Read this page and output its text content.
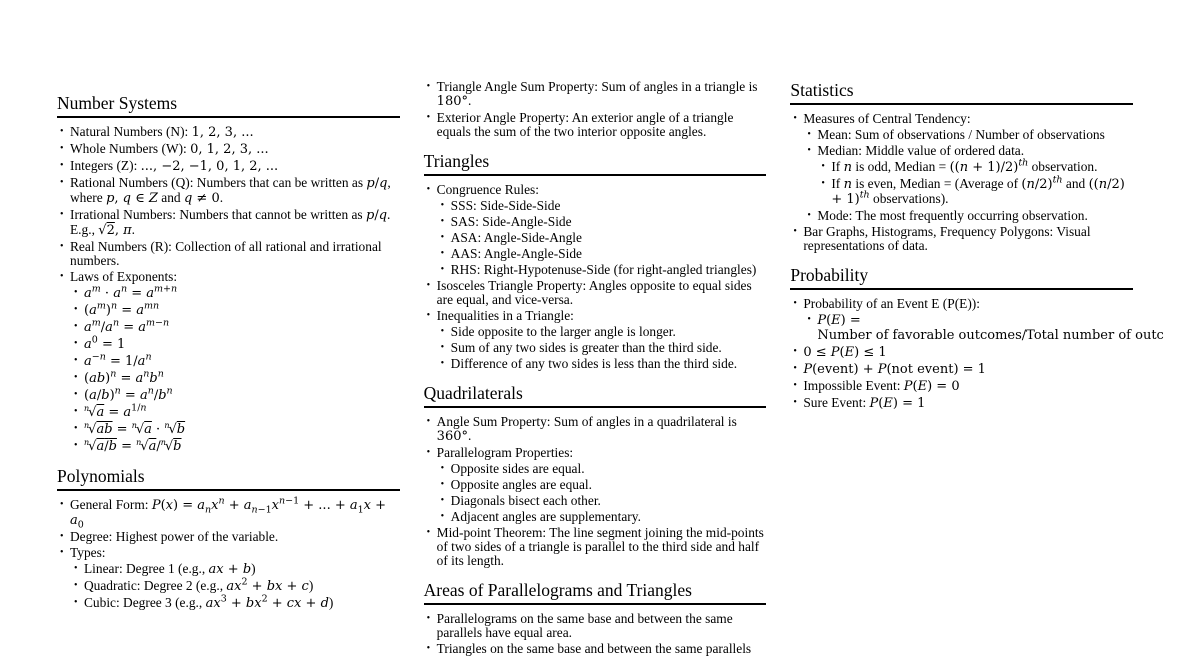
Number Systems
• Natural Numbers (N): 1, 2, 3, ...
• Whole Numbers (W): 0, 1, 2, 3, ...
• Integers (Z): ..., −2, −1, 0, 1, 2, ...
• Rational Numbers (Q): Numbers that can be written as p/q, where p, q ∈ Z and q ≠ 0.
• Irrational Numbers: Numbers that cannot be written as p/q. E.g., √2, π.
• Real Numbers (R): Collection of all rational and irrational numbers.
• Laws of Exponents:
• $a^m \cdot a^n = a^{m+n}$
• $(a^m)^n = a^{mn}$
• $a^m/a^n = a^{m-n}$
• $a^0 = 1$
• $a^{-n} = 1/a^n$
• $(ab)^n = a^nb^n$
• $(a/b)^n = a^n/b^n$
• $^n√a = a^{1/n}$
• $^n$√ab = $^n$√a · $^n$√b
• $^n$√a/b = $^n$√a/$^n$√b
Polynomials
• General Form: $P(x) = a_nx^n + a_{n-1}x^{n-1}$ + ... + $a_1x + a_0$
• Degree: Highest power of the variable.
• Types:
• Linear: Degree 1 (e.g., ax + b)
• Quadratic: Degree 2 (e.g., $ax^2$ + bx + c)
• Cubic: Degree 3 (e.g., $ax^3 + bx^2$ + cx + d)
• Triangle Angle Sum Property: Sum of angles in a triangle is 180°.
• Exterior Angle Property: An exterior angle of a triangle equals the sum of the two interior opposite angles.
Triangles
• Congruence Rules:
• SSS: Side-Side-Side
• SAS: Side-Angle-Side
• ASA: Angle-Side-Angle
• AAS: Angle-Angle-Side
• RHS: Right-Hypotenuse-Side (for right-angled triangles)
• Isosceles Triangle Property: Angles opposite to equal sides are equal, and vice-versa.
• Inequalities in a Triangle:
• Side opposite to the larger angle is longer.
• Sum of any two sides is greater than the third side.
• Difference of any two sides is less than the third side.
Quadrilaterals
• Angle Sum Property: Sum of angles in a quadrilateral is 360°.
• Parallelogram Properties:
• Opposite sides are equal.
• Opposite angles are equal.
• Diagonals bisect each other.
• Adjacent angles are supplementary.
• Mid-point Theorem: The line segment joining the mid-points of two sides of a triangle is parallel to the third side and half of its length.
Areas of Parallelograms and Triangles
• Parallelograms on the same base and between the same parallels have equal area.
• Triangles on the same base and between the same parallels
Statistics
• Measures of Central Tendency:
• Mean: Sum of observations / Number of observations
• Median: Middle value of ordered data.
• If n is odd, Median = $((n + 1)/2)^{th}$ observation.
• If n is even, Median = (Average of $(n/2)^{th}$ and $((n/2) + 1)^{th}$ observations).
• Mode: The most frequently occurring observation.
• Bar Graphs, Histograms, Frequency Polygons: Visual representations of data.
Probability
• Probability of an Event E (P(E)):
• P(E) =
Number of favorable outcomes/Total number of outc
• 0 ≤ P(E) ≤ 1
• P(event) + P(not event) = 1
• Impossible Event: P(E) = 0
• Sure Event: P(E) = 1
